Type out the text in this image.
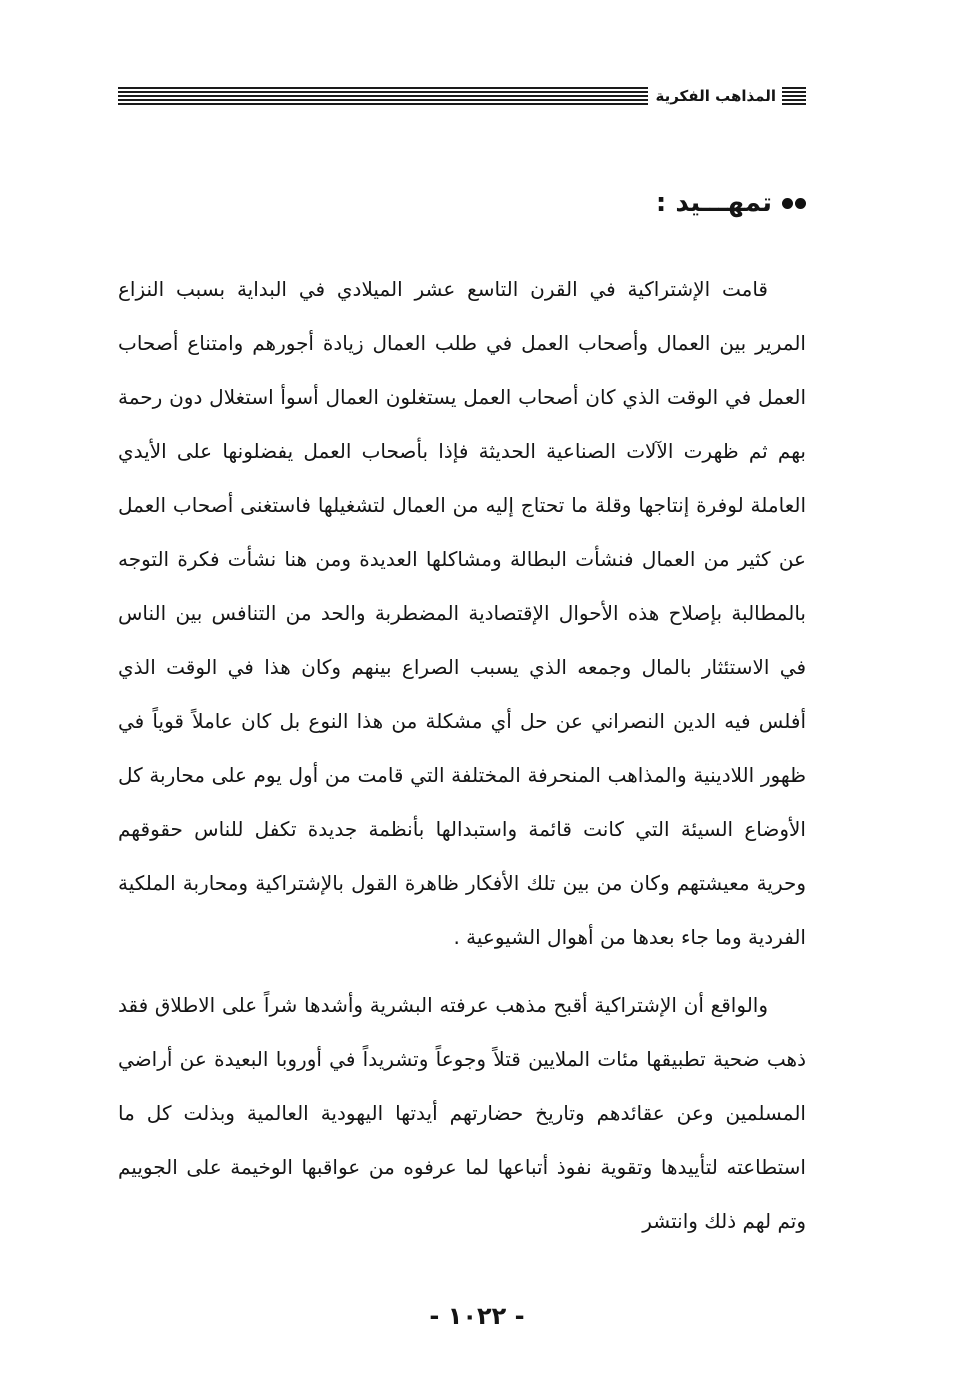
المذاهب الفكرية
تمهـــيد :

قامت الإشتراكية في القرن التاسع عشر الميلادي في البداية بسبب النزاع المرير بين العمال وأصحاب العمل في طلب العمال زيادة أجورهم وامتناع أصحاب العمل في الوقت الذي كان أصحاب العمل يستغلون العمال أسوأ استغلال دون رحمة بهم ثم ظهرت الآلات الصناعية الحديثة فإذا بأصحاب العمل يفضلونها على الأيدي العاملة لوفرة إنتاجها وقلة ما تحتاج إليه من العمال لتشغيلها فاستغنى أصحاب العمل عن كثير من العمال فنشأت البطالة ومشاكلها العديدة ومن هنا نشأت فكرة التوجه بالمطالبة بإصلاح هذه الأحوال الإقتصادية المضطربة والحد من التنافس بين الناس في الاستئثار بالمال وجمعه الذي يسبب الصراع بينهم وكان هذا في الوقت الذي أفلس فيه الدين النصراني عن حل أي مشكلة من هذا النوع بل كان عاملاً قوياً في ظهور اللادينية والمذاهب المنحرفة المختلفة التي قامت من أول يوم على محاربة كل الأوضاع السيئة التي كانت قائمة واستبدالها بأنظمة جديدة تكفل للناس حقوقهم وحرية معيشتهم وكان من بين تلك الأفكار ظاهرة القول بالإشتراكية ومحاربة الملكية الفردية وما جاء بعدها من أهوال الشيوعية .

والواقع أن الإشتراكية أقبح مذهب عرفته البشرية وأشدها شراً على الاطلاق فقد ذهب ضحية تطبيقها مئات الملايين قتلاً وجوعاً وتشريداً في أوروبا البعيدة عن أراضي المسلمين وعن عقائدهم وتاريخ حضارتهم أيدتها اليهودية العالمية وبذلت كل ما استطاعته لتأييدها وتقوية نفوذ أتباعها لما عرفوه من عواقبها الوخيمة على الجوييم وتم لهم ذلك وانتشر

- ١٠٢٢ -
